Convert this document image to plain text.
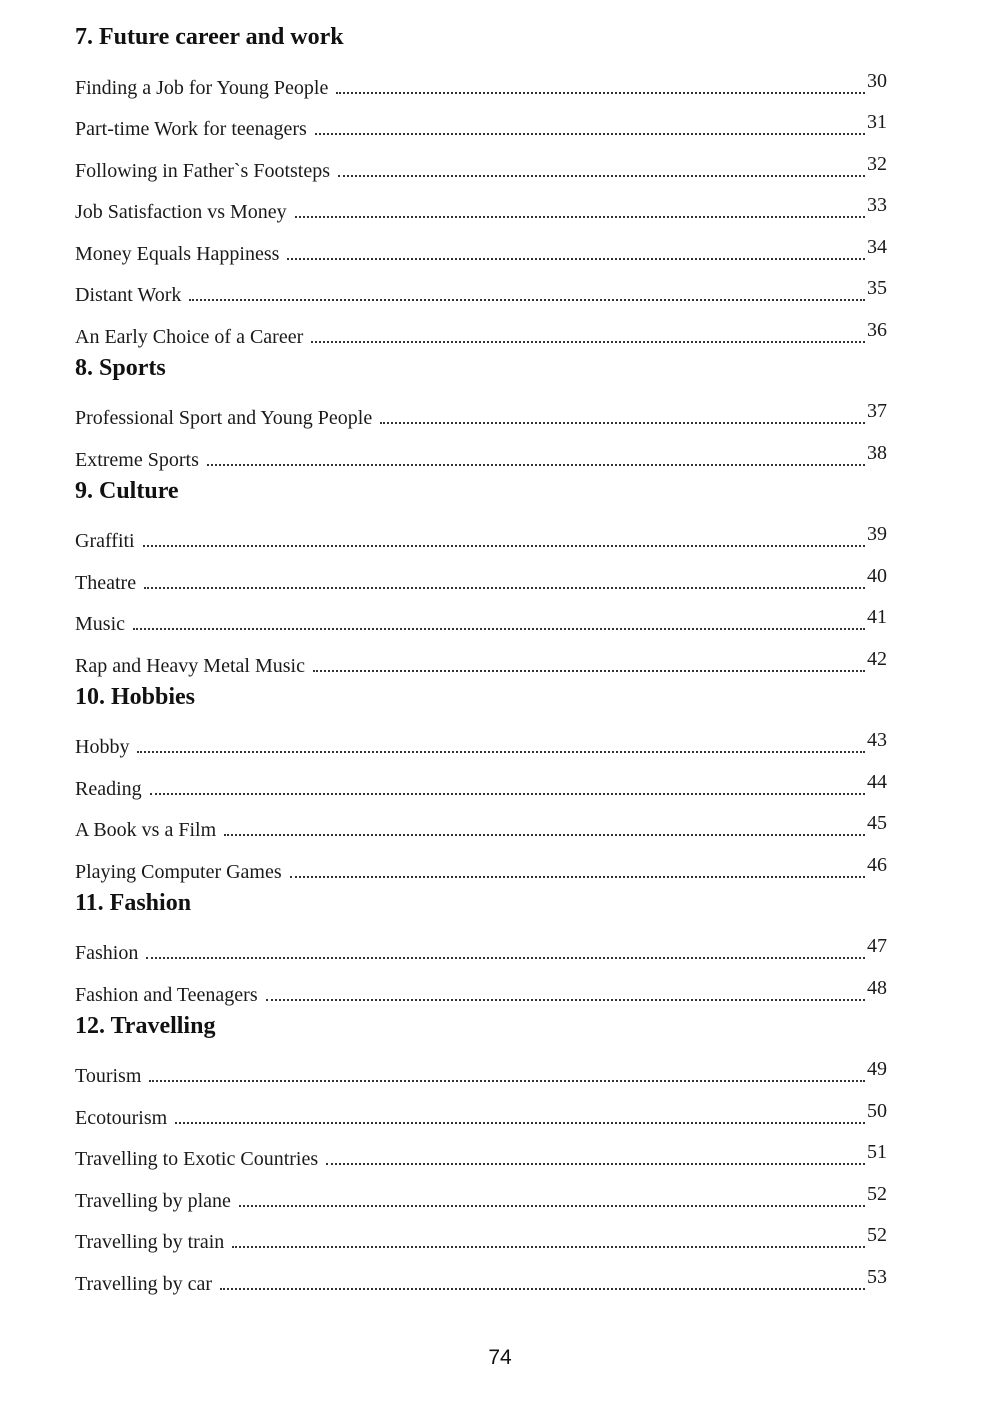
7. Future career and work
Finding a Job for Young People	30
Part-time Work for teenagers	31
Following in Father`s Footsteps	32
Job Satisfaction vs Money	33
Money Equals Happiness	34
Distant Work	35
An Early Choice of a Career	36
8. Sports
Professional Sport and Young People	37
Extreme Sports	38
9. Culture
Graffiti	39
Theatre	40
Music	41
Rap and Heavy Metal Music	42
10. Hobbies
Hobby	43
Reading	44
A Book vs a Film	45
Playing Computer Games	46
11. Fashion
Fashion	47
Fashion and Teenagers	48
12. Travelling
Tourism	49
Ecotourism	50
Travelling to Exotic Countries	51
Travelling by plane	52
Travelling by train	52
Travelling by car	53
74
